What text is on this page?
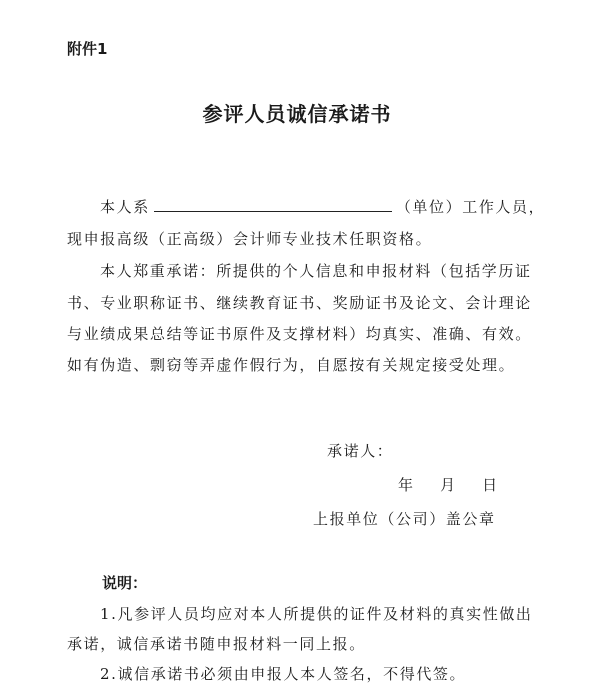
附件1
参评人员诚信承诺书
本人系	（单位）工作人员，
现申报高级（正高级）会计师专业技术任职资格。
本人郑重承诺：所提供的个人信息和申报材料（包括学历证
书、专业职称证书、继续教育证书、奖励证书及论文、会计理论
与业绩成果总结等证书原件及支撑材料）均真实、准确、有效。
如有伪造、剽窃等弄虚作假行为，自愿按有关规定接受处理。
承诺人：
年    月    日
上报单位（公司）盖公章
说明：
1.凡参评人员均应对本人所提供的证件及材料的真实性做出
承诺，诚信承诺书随申报材料一同上报。
2.诚信承诺书必须由申报人本人签名，不得代签。
